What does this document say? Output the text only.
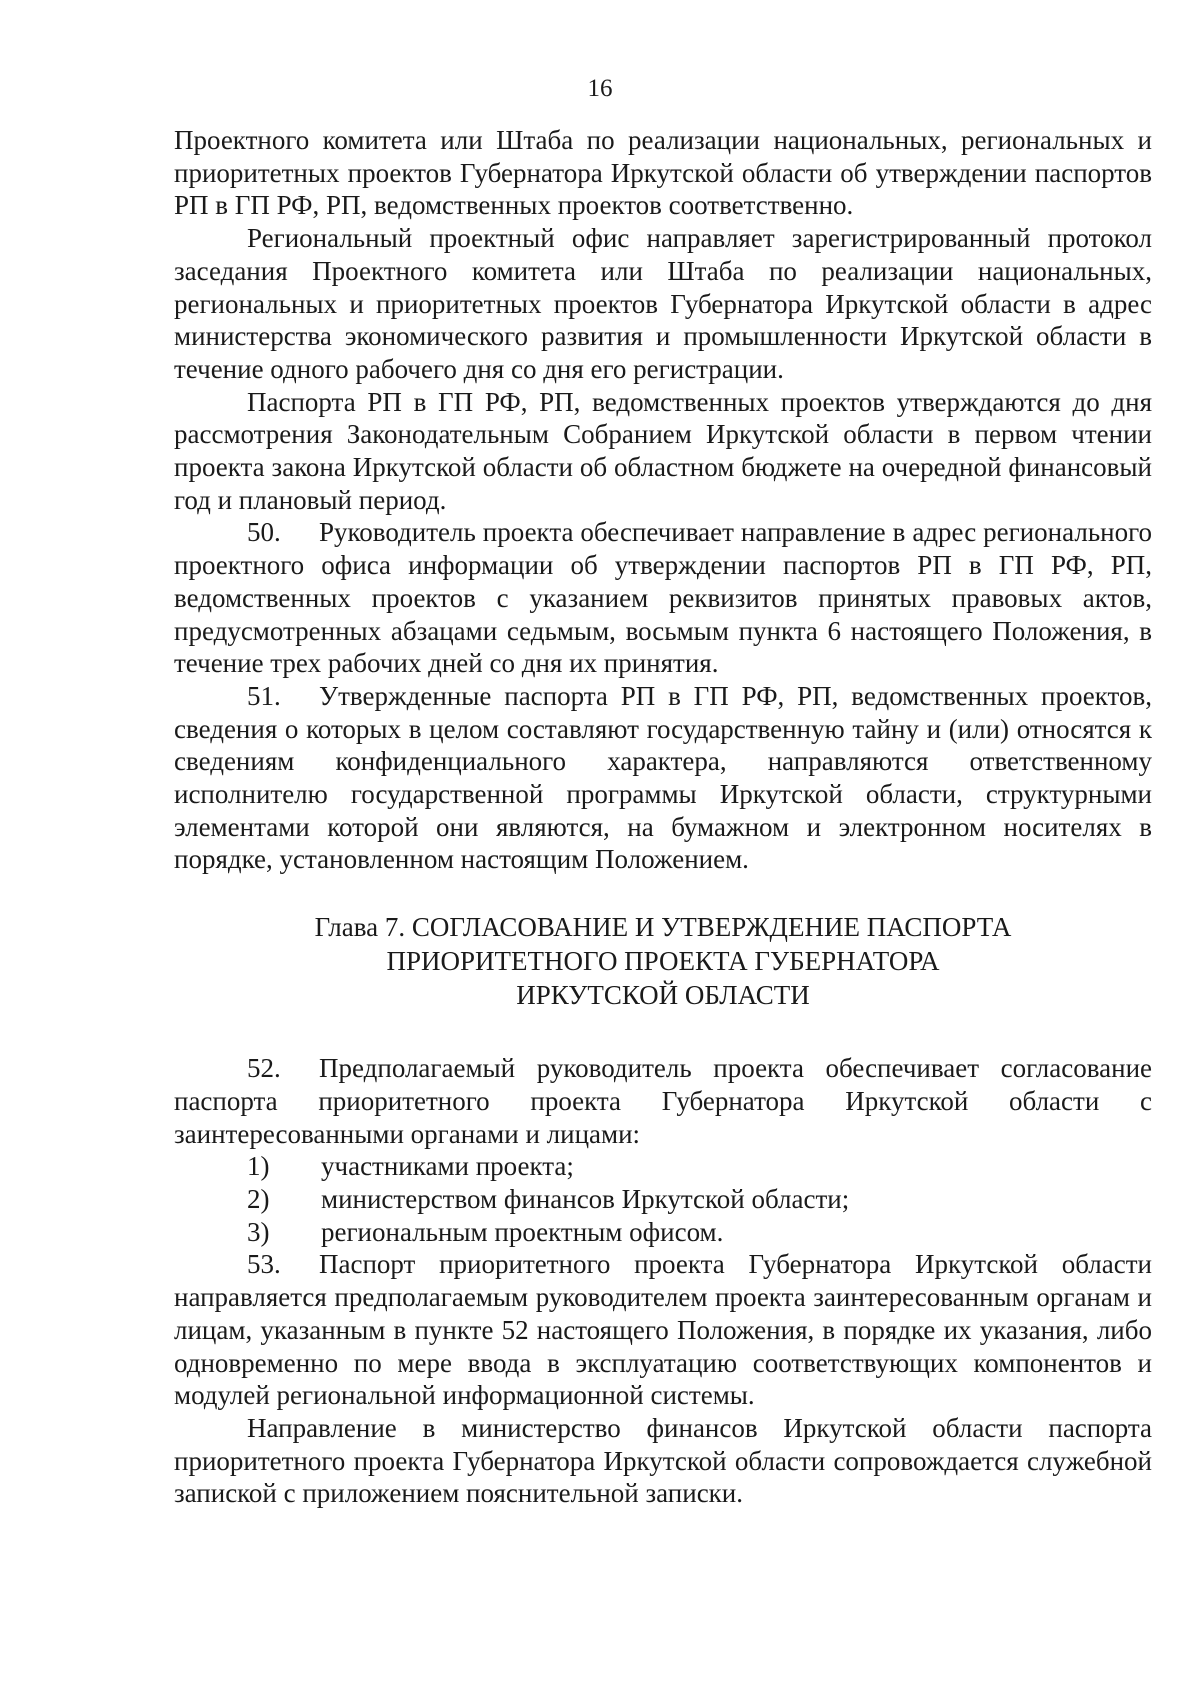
16

Проектного комитета или Штаба по реализации национальных, региональных и приоритетных проектов Губернатора Иркутской области об утверждении паспортов РП в ГП РФ, РП, ведомственных проектов соответственно.

Региональный проектный офис направляет зарегистрированный протокол заседания Проектного комитета или Штаба по реализации национальных, региональных и приоритетных проектов Губернатора Иркутской области в адрес министерства экономического развития и промышленности Иркутской области в течение одного рабочего дня со дня его регистрации.

Паспорта РП в ГП РФ, РП, ведомственных проектов утверждаются до дня рассмотрения Законодательным Собранием Иркутской области в первом чтении проекта закона Иркутской области об областном бюджете на очередной финансовый год и плановый период.

50. Руководитель проекта обеспечивает направление в адрес регионального проектного офиса информации об утверждении паспортов РП в ГП РФ, РП, ведомственных проектов с указанием реквизитов принятых правовых актов, предусмотренных абзацами седьмым, восьмым пункта 6 настоящего Положения, в течение трех рабочих дней со дня их принятия.

51. Утвержденные паспорта РП в ГП РФ, РП, ведомственных проектов, сведения о которых в целом составляют государственную тайну и (или) относятся к сведениям конфиденциального характера, направляются ответственному исполнителю государственной программы Иркутской области, структурными элементами которой они являются, на бумажном и электронном носителях в порядке, установленном настоящим Положением.

Глава 7. СОГЛАСОВАНИЕ И УТВЕРЖДЕНИЕ ПАСПОРТА
ПРИОРИТЕТНОГО ПРОЕКТА ГУБЕРНАТОРА
ИРКУТСКОЙ ОБЛАСТИ

52. Предполагаемый руководитель проекта обеспечивает согласование паспорта приоритетного проекта Губернатора Иркутской области с заинтересованными органами и лицами:

1)	участниками проекта;

2)	министерством финансов Иркутской области;

3)	региональным проектным офисом.

53. Паспорт приоритетного проекта Губернатора Иркутской области направляется предполагаемым руководителем проекта заинтересованным органам и лицам, указанным в пункте 52 настоящего Положения, в порядке их указания, либо одновременно по мере ввода в эксплуатацию соответствующих компонентов и модулей региональной информационной системы.

Направление в министерство финансов Иркутской области паспорта приоритетного проекта Губернатора Иркутской области сопровождается служебной запиской с приложением пояснительной записки.
